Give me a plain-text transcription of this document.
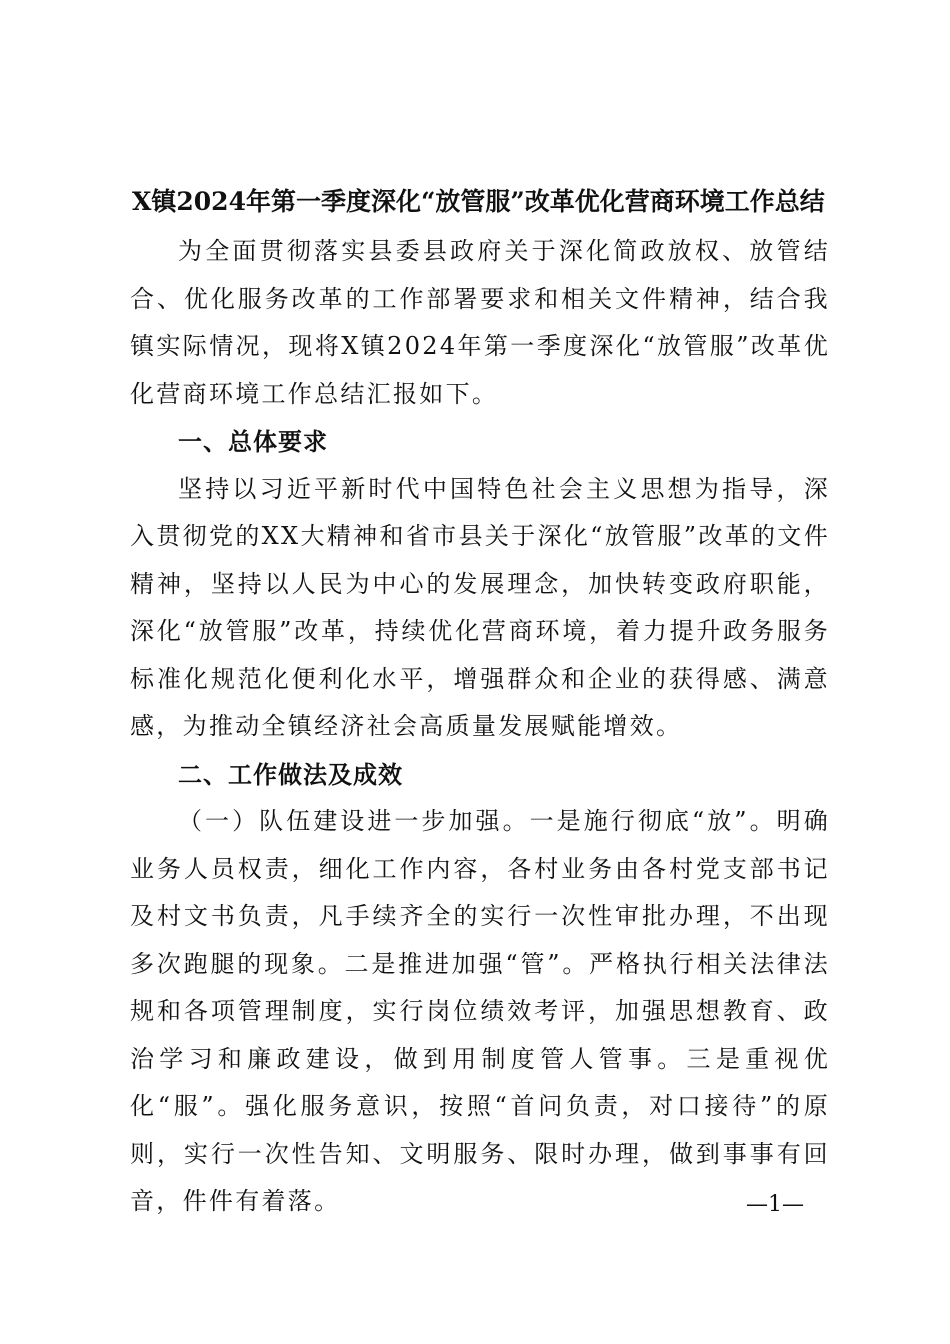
X镇2024年第一季度深化“放管服”改革优化营商环境工作总结

为全面贯彻落实县委县政府关于深化简政放权、放管结合、优化服务改革的工作部署要求和相关文件精神，结合我镇实际情况，现将X镇2024年第一季度深化“放管服”改革优化营商环境工作总结汇报如下。

一、总体要求

坚持以习近平新时代中国特色社会主义思想为指导，深入贯彻党的XX大精神和省市县关于深化“放管服”改革的文件精神，坚持以人民为中心的发展理念，加快转变政府职能，深化“放管服”改革，持续优化营商环境，着力提升政务服务标准化规范化便利化水平，增强群众和企业的获得感、满意感，为推动全镇经济社会高质量发展赋能增效。

二、工作做法及成效

（一）队伍建设进一步加强。一是施行彻底“放”。明确业务人员权责，细化工作内容，各村业务由各村党支部书记及村文书负责，凡手续齐全的实行一次性审批办理，不出现多次跑腿的现象。二是推进加强“管”。严格执行相关法律法规和各项管理制度，实行岗位绩效考评，加强思想教育、政治学习和廉政建设，做到用制度管人管事。三是重视优化“服”。强化服务意识，按照“首问负责，对口接待”的原则，实行一次性告知、文明服务、限时办理，做到事事有回音，件件有着落。	—1—
